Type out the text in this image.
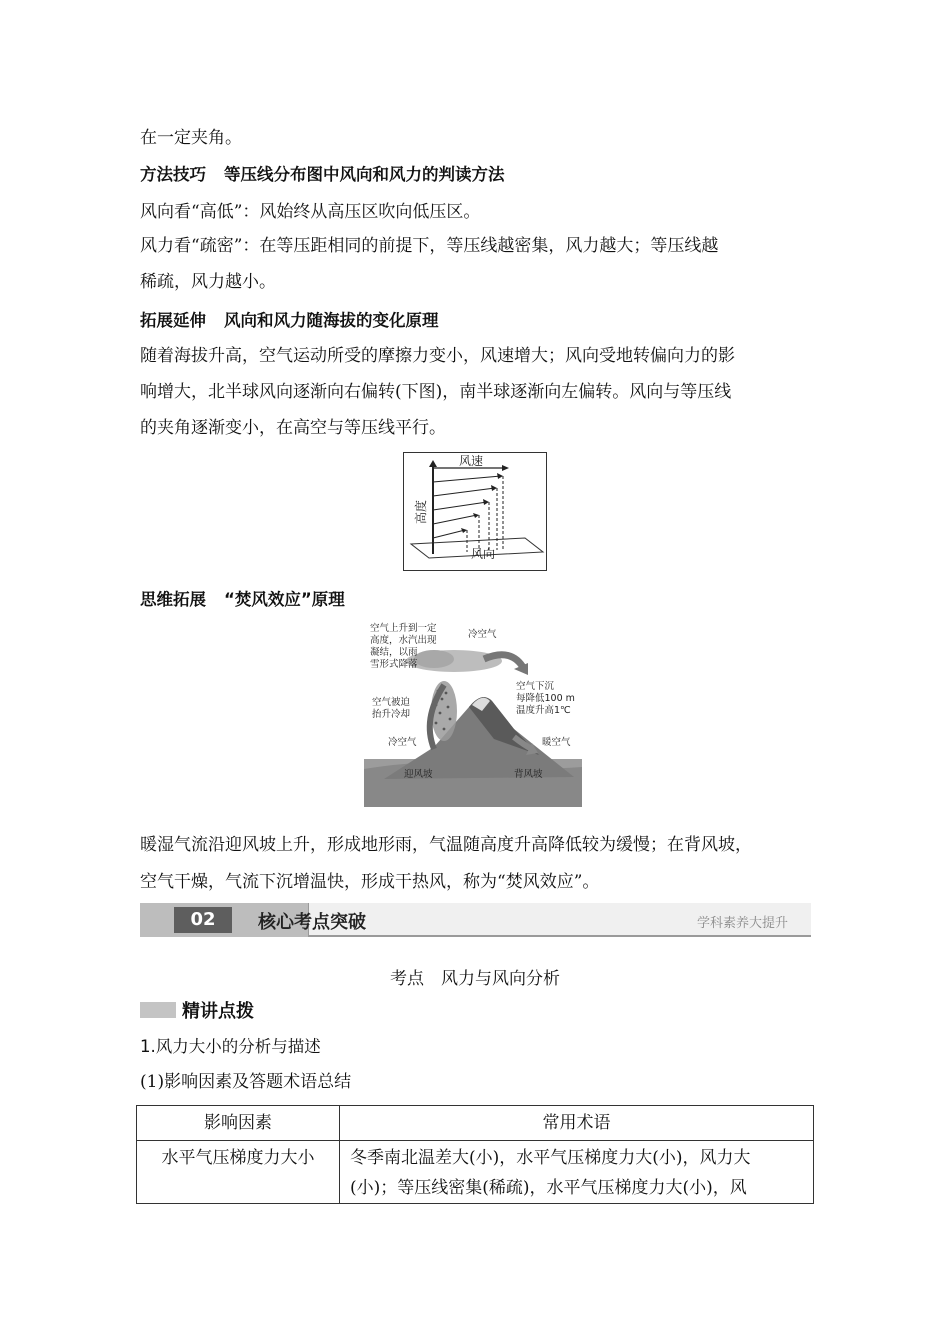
在一定夹角。
方法技巧 等压线分布图中风向和风力的判读方法
风向看“高低”：风始终从高压区吹向低压区。
风力看“疏密”：在等压距相同的前提下，等压线越密集，风力越大；等压线越
稀疏，风力越小。
拓展延伸 风向和风力随海拔的变化原理
随着海拔升高，空气运动所受的摩擦力变小，风速增大；风向受地转偏向力的影
响增大，北半球风向逐渐向右偏转(下图)，南半球逐渐向左偏转。风向与等压线
的夹角逐渐变小，在高空与等压线平行。
风速
高度
风向
思维拓展 “焚风效应”原理
空气上升到一定
高度，水汽出现
凝结，以雨
雪形式降落
冷空气
空气被迫
抬升冷却
空气下沉
每降低100 m
温度升高1℃
冷空气	暖空气
迎风坡	背风坡
暖湿气流沿迎风坡上升，形成地形雨，气温随高度升高降低较为缓慢；在背风坡，
空气干燥，气流下沉增温快，形成干热风，称为“焚风效应”。
02	核心考点突破	学科素养大提升
考点　风力与风向分析
精讲点拨
1.风力大小的分析与描述
(1)影响因素及答题术语总结
影响因素	常用术语
水平气压梯度力大小	冬季南北温差大(小)，水平气压梯度力大(小)，风力大
(小)；等压线密集(稀疏)，水平气压梯度力大(小)，风
